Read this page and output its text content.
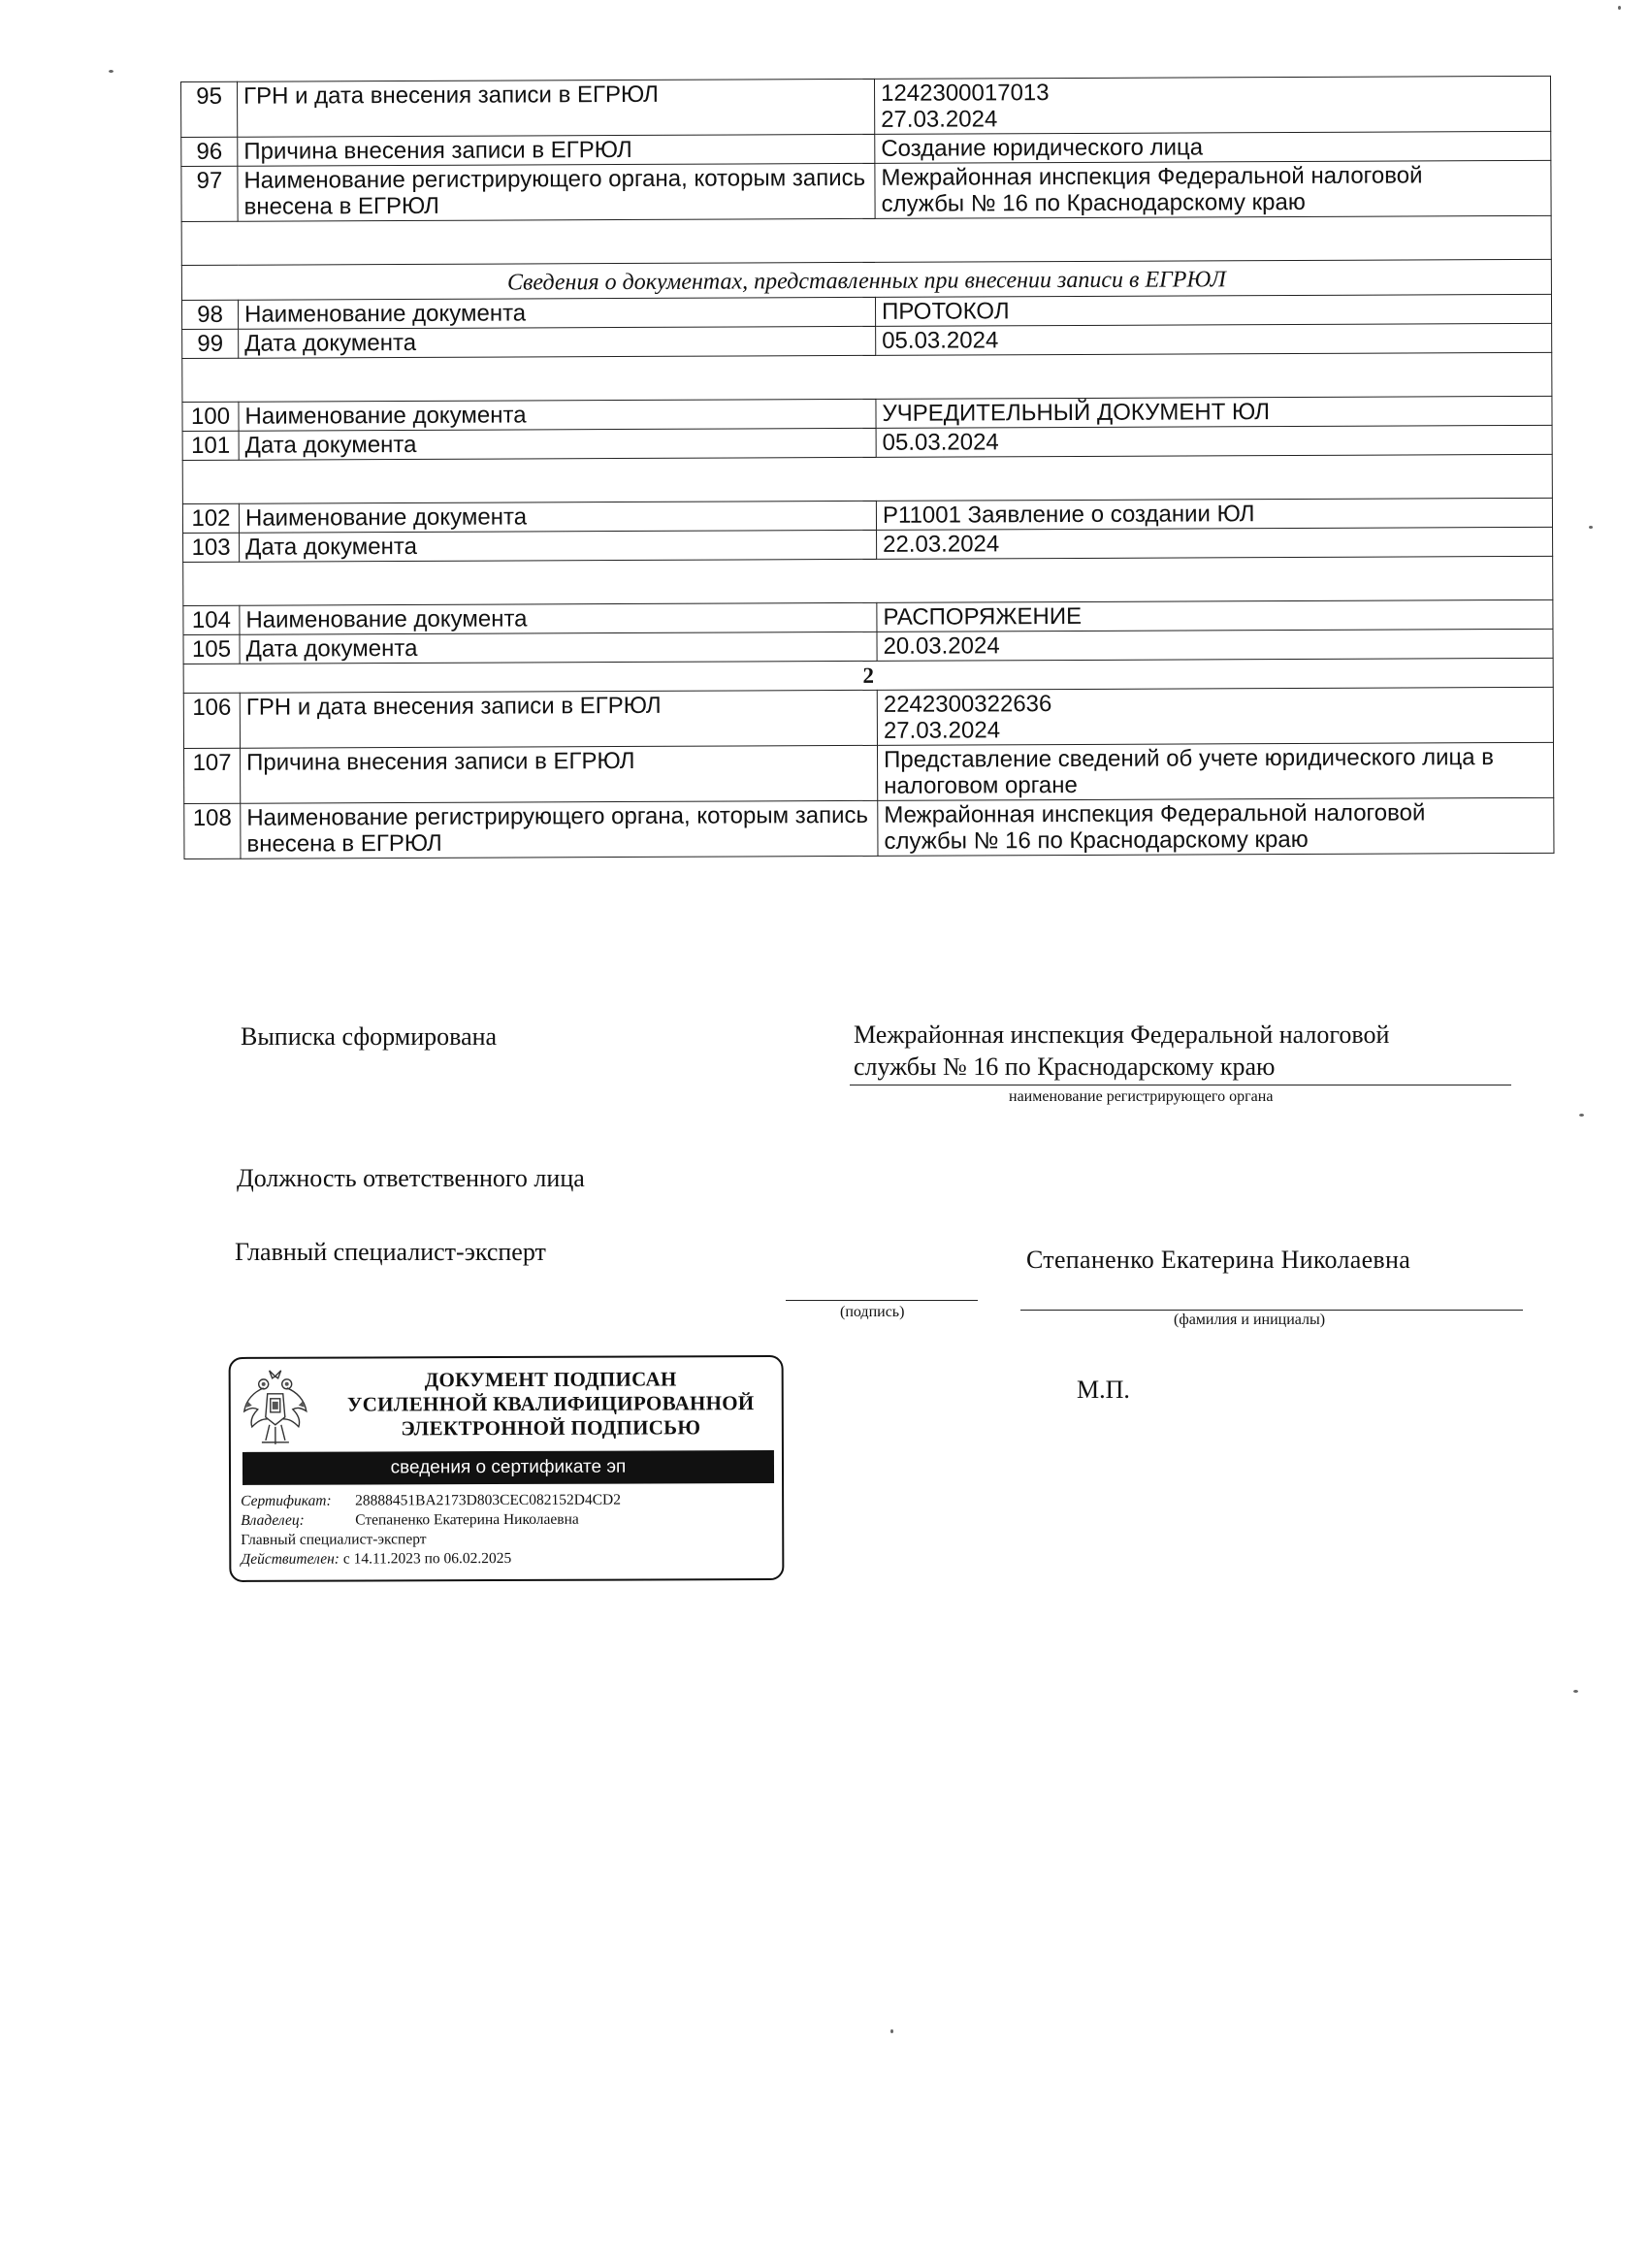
95	ГРН и дата внесения записи в ЕГРЮЛ	1242300017013
27.03.2024

96	Причина внесения записи в ЕГРЮЛ	Создание юридического лица

97	Наименование регистрирующего органа, которым запись внесена в ЕГРЮЛ	Межрайонная инспекция Федеральной налоговой
службы № 16 по Краснодарскому краю

Сведения о документах, представленных при внесении записи в ЕГРЮЛ		
98	Наименование документа	ПРОТОКОЛ
99	Дата документа	05.03.2024

100	Наименование документа	УЧРЕДИТЕЛЬНЫЙ ДОКУМЕНТ ЮЛ
101	Дата документа	05.03.2024

102	Наименование документа	Р11001 Заявление о создании ЮЛ
103	Дата документа	22.03.2024

104	Наименование документа	РАСПОРЯЖЕНИЕ
105	Дата документа	20.03.2024
2		
106	ГРН и дата внесения записи в ЕГРЮЛ	2242300322636
27.03.2024

107	Причина внесения записи в ЕГРЮЛ	Представление сведений об учете юридического лица в
налоговом органе

108	Наименование регистрирующего органа, которым запись внесена в ЕГРЮЛ	Межрайонная инспекция Федеральной налоговой
службы № 16 по Краснодарскому краю
Выписка сформирована	Межрайонная инспекция Федеральной налоговой
службы № 16 по Краснодарскому краю
наименование регистрирующего органа
Должность ответственного лица
Главный специалист-эксперт	Степаненко Екатерина Николаевна
(подпись)	(фамилия и инициалы)
М.П.
ДОКУМЕНТ ПОДПИСАН
УСИЛЕННОЙ КВАЛИФИЦИРОВАННОЙ
ЭЛЕКТРОННОЙ ПОДПИСЬЮ
сведения о сертификате эп
Сертификат: 28888451BA2173D803CEC082152D4CD2
Владелец:	Степаненко Екатерина Николаевна
Главный специалист-эксперт
Действителен: с 14.11.2023 по 06.02.2025
